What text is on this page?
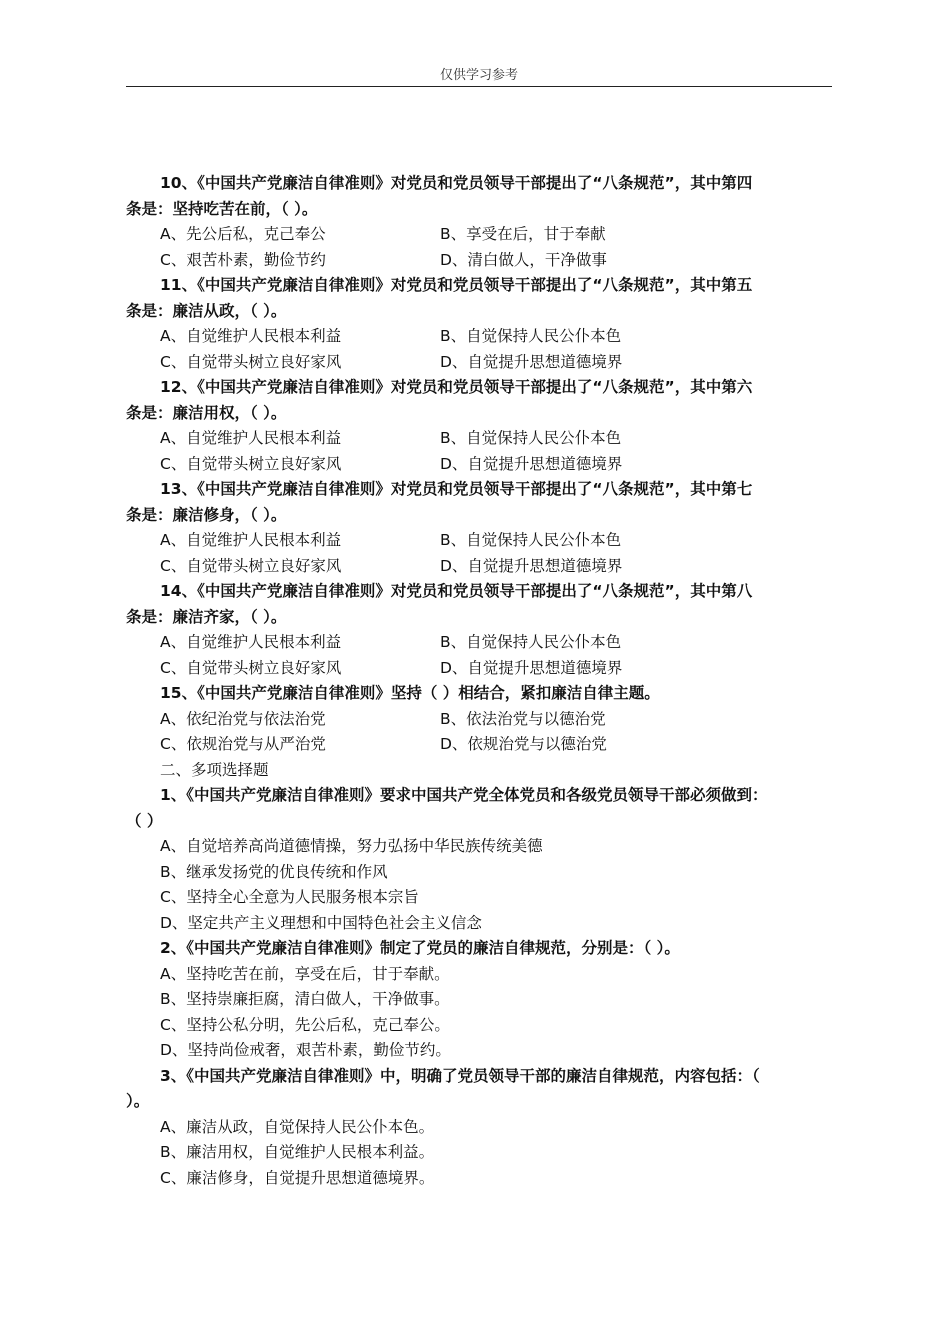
仅供学习参考
10、《中国共产党廉洁自律准则》对党员和党员领导干部提出了“八条规范”，其中第四
条是：坚持吃苦在前，（ ）。
A、先公后私，克己奉公	B、享受在后，甘于奉献
C、艰苦朴素，勤俭节约	D、清白做人，干净做事
11、《中国共产党廉洁自律准则》对党员和党员领导干部提出了“八条规范”，其中第五
条是：廉洁从政，（ ）。
A、自觉维护人民根本利益	B、自觉保持人民公仆本色
C、自觉带头树立良好家风	D、自觉提升思想道德境界
12、《中国共产党廉洁自律准则》对党员和党员领导干部提出了“八条规范”，其中第六
条是：廉洁用权，（ ）。
A、自觉维护人民根本利益	B、自觉保持人民公仆本色
C、自觉带头树立良好家风	D、自觉提升思想道德境界
13、《中国共产党廉洁自律准则》对党员和党员领导干部提出了“八条规范”，其中第七
条是：廉洁修身，（ ）。
A、自觉维护人民根本利益	B、自觉保持人民公仆本色
C、自觉带头树立良好家风	D、自觉提升思想道德境界
14、《中国共产党廉洁自律准则》对党员和党员领导干部提出了“八条规范”，其中第八
条是：廉洁齐家，（ ）。
A、自觉维护人民根本利益	B、自觉保持人民公仆本色
C、自觉带头树立良好家风	D、自觉提升思想道德境界
15、《中国共产党廉洁自律准则》坚持（ ）相结合，紧扣廉洁自律主题。
A、依纪治党与依法治党	B、依法治党与以德治党
C、依规治党与从严治党	D、依规治党与以德治党
二、多项选择题
1、《中国共产党廉洁自律准则》要求中国共产党全体党员和各级党员领导干部必须做到：
（ ）
A、自觉培养高尚道德情操，努力弘扬中华民族传统美德
B、继承发扬党的优良传统和作风
C、坚持全心全意为人民服务根本宗旨
D、坚定共产主义理想和中国特色社会主义信念
2、《中国共产党廉洁自律准则》制定了党员的廉洁自律规范，分别是：（ ）。
A、坚持吃苦在前，享受在后，甘于奉献。
B、坚持崇廉拒腐，清白做人，干净做事。
C、坚持公私分明，先公后私，克己奉公。
D、坚持尚俭戒奢，艰苦朴素，勤俭节约。
3、《中国共产党廉洁自律准则》中，明确了党员领导干部的廉洁自律规范，内容包括：（
）。
A、廉洁从政，自觉保持人民公仆本色。
B、廉洁用权，自觉维护人民根本利益。
C、廉洁修身，自觉提升思想道德境界。
